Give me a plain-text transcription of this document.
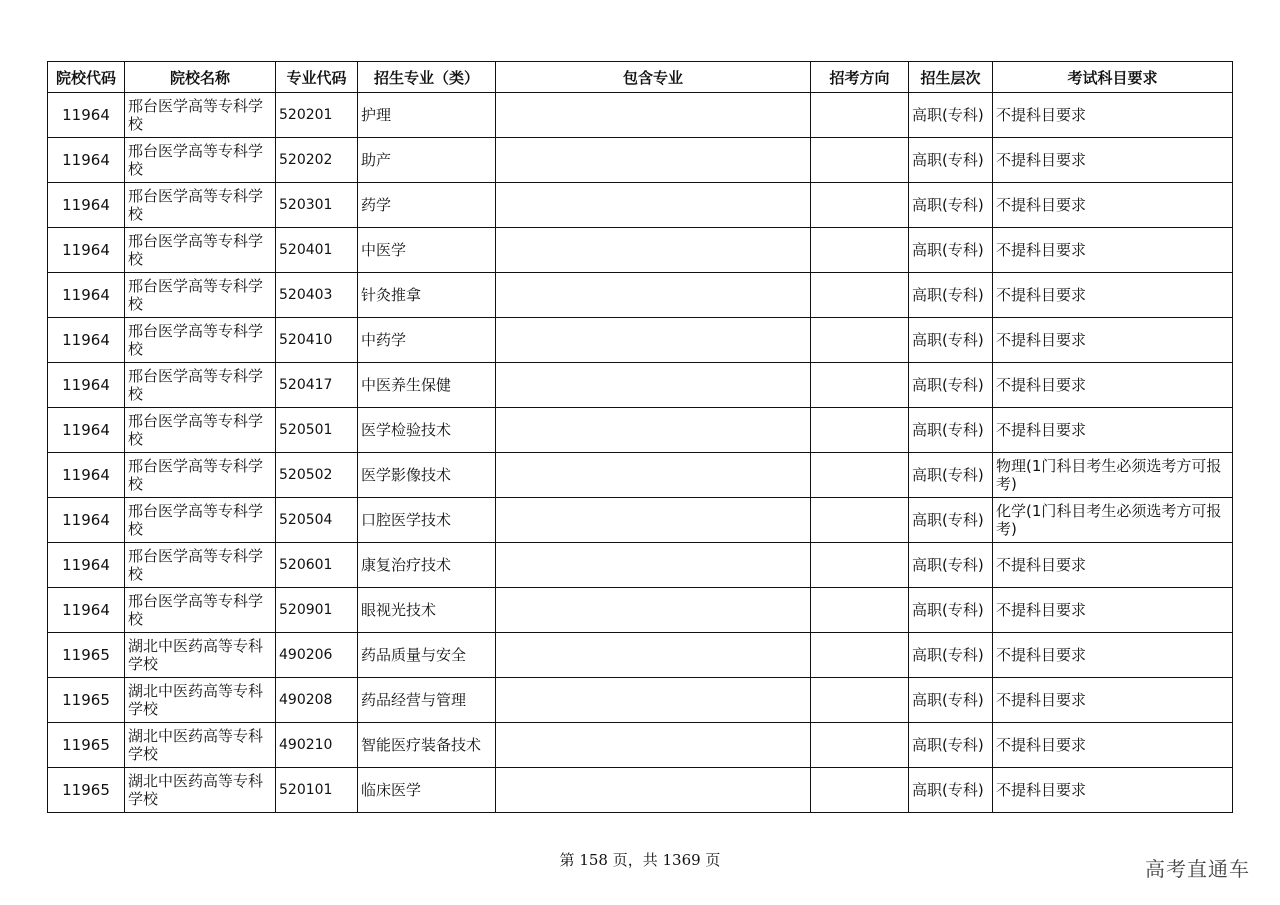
院校代码	院校名称	专业代码	招生专业（类）	包含专业	招考方向	招生层次	考试科目要求
11964	邢台医学高等专科学校	520201	护理			高职(专科)	不提科目要求
11964	邢台医学高等专科学校	520202	助产			高职(专科)	不提科目要求
11964	邢台医学高等专科学校	520301	药学			高职(专科)	不提科目要求
11964	邢台医学高等专科学校	520401	中医学			高职(专科)	不提科目要求
11964	邢台医学高等专科学校	520403	针灸推拿			高职(专科)	不提科目要求
11964	邢台医学高等专科学校	520410	中药学			高职(专科)	不提科目要求
11964	邢台医学高等专科学校	520417	中医养生保健			高职(专科)	不提科目要求
11964	邢台医学高等专科学校	520501	医学检验技术			高职(专科)	不提科目要求
11964	邢台医学高等专科学校	520502	医学影像技术			高职(专科)	物理(1门科目考生必须选考方可报考)
11964	邢台医学高等专科学校	520504	口腔医学技术			高职(专科)	化学(1门科目考生必须选考方可报考)
11964	邢台医学高等专科学校	520601	康复治疗技术			高职(专科)	不提科目要求
11964	邢台医学高等专科学校	520901	眼视光技术			高职(专科)	不提科目要求
11965	湖北中医药高等专科学校	490206	药品质量与安全			高职(专科)	不提科目要求
11965	湖北中医药高等专科学校	490208	药品经营与管理			高职(专科)	不提科目要求
11965	湖北中医药高等专科学校	490210	智能医疗装备技术			高职(专科)	不提科目要求
11965	湖北中医药高等专科学校	520101	临床医学			高职(专科)	不提科目要求
第 158 页，共 1369 页	高考直通车
